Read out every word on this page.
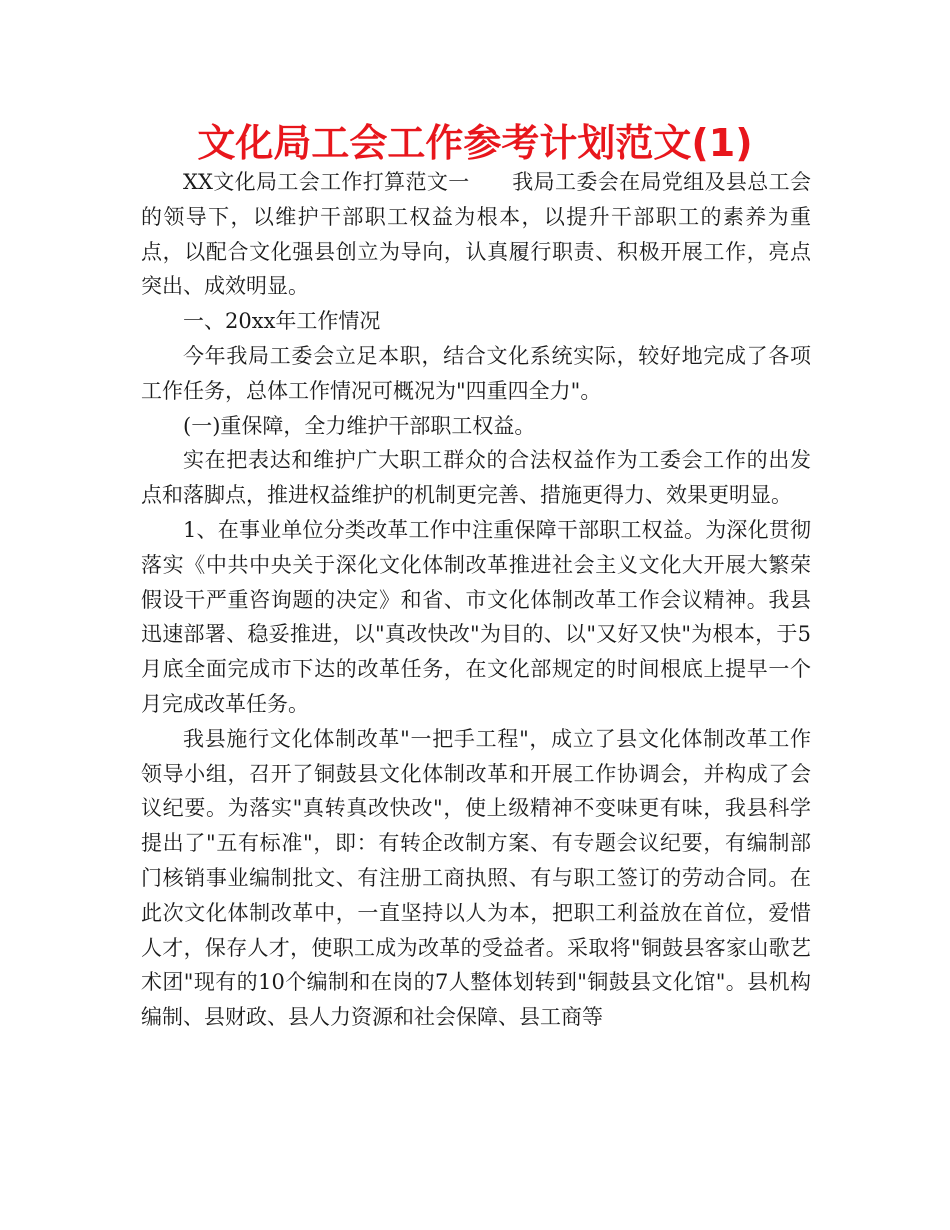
文化局工会工作参考计划范文(1)

XX文化局工会工作打算范文一　　我局工委会在局党组及县总工会的领导下，以维护干部职工权益为根本，以提升干部职工的素养为重点，以配合文化强县创立为导向，认真履行职责、积极开展工作，亮点突出、成效明显。

一、20xx年工作情况

今年我局工委会立足本职，结合文化系统实际，较好地完成了各项工作任务，总体工作情况可概况为"四重四全力"。

(一)重保障，全力维护干部职工权益。

实在把表达和维护广大职工群众的合法权益作为工委会工作的出发点和落脚点，推进权益维护的机制更完善、措施更得力、效果更明显。

1、在事业单位分类改革工作中注重保障干部职工权益。为深化贯彻落实《中共中央关于深化文化体制改革推进社会主义文化大开展大繁荣假设干严重咨询题的决定》和省、市文化体制改革工作会议精神。我县迅速部署、稳妥推进，以"真改快改"为目的、以"又好又快"为根本，于5月底全面完成市下达的改革任务，在文化部规定的时间根底上提早一个月完成改革任务。

我县施行文化体制改革"一把手工程"，成立了县文化体制改革工作领导小组，召开了铜鼓县文化体制改革和开展工作协调会，并构成了会议纪要。为落实"真转真改快改"，使上级精神不变味更有味，我县科学提出了"五有标准"，即：有转企改制方案、有专题会议纪要，有编制部门核销事业编制批文、有注册工商执照、有与职工签订的劳动合同。在此次文化体制改革中，一直坚持以人为本，把职工利益放在首位，爱惜人才，保存人才，使职工成为改革的受益者。采取将"铜鼓县客家山歌艺术团"现有的10个编制和在岗的7人整体划转到"铜鼓县文化馆"。县机构编制、县财政、县人力资源和社会保障、县工商等
